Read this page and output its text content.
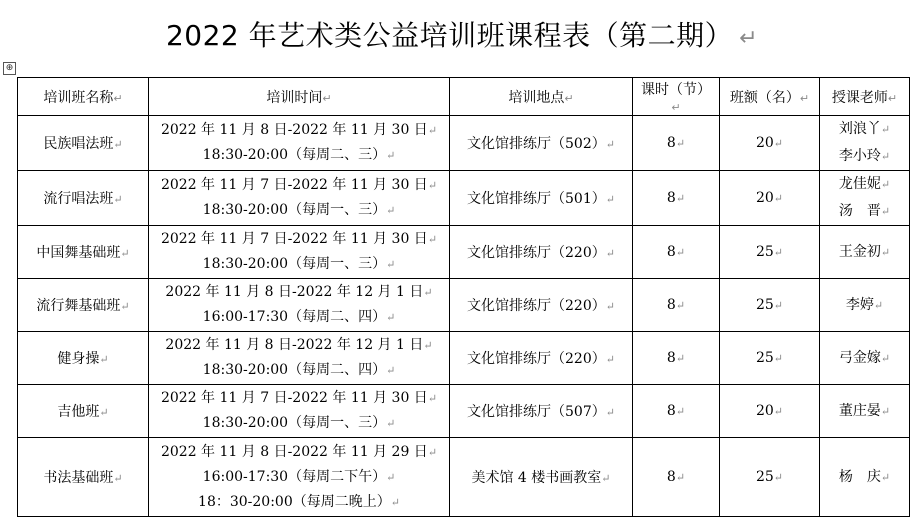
2022 年艺术类公益培训班课程表（第二期） ↵
⊕
培训班名称↵	培训时间↵	培训地点↵	课时（节）↵	班额（名）↵	授课老师↵
民族唱法班↵	2022 年 11 月 8 日-2022 年 11 月 30 日↵
18:30-20:00（每周二、三）↵	文化馆排练厅（502）↵	8↵	20↵	刘浪丫↵
李小玲↵

流行唱法班↵	2022 年 11 月 7 日-2022 年 11 月 30 日↵
18:30-20:00（每周一、三）↵	文化馆排练厅（501）↵	8↵	20↵	龙佳妮↵
汤　晋↵

中国舞基础班↵	2022 年 11 月 7 日-2022 年 11 月 30 日↵
18:30-20:00（每周一、三）↵	文化馆排练厅（220）↵	8↵	25↵	王金初↵

流行舞基础班↵	2022 年 11 月 8 日-2022 年 12 月 1 日↵
16:00-17:30（每周二、四）↵	文化馆排练厅（220）↵	8↵	25↵	李婷↵

健身操↵	2022 年 11 月 8 日-2022 年 12 月 1 日↵
18:30-20:00（每周二、四）↵	文化馆排练厅（220）↵	8↵	25↵	弓金嫁↵

吉他班↵	2022 年 11 月 7 日-2022 年 11 月 30 日↵
18:30-20:00（每周一、三）↵	文化馆排练厅（507）↵	8↵	20↵	董庄晏↵

书法基础班↵	2022 年 11 月 8 日-2022 年 11 月 29 日↵
16:00-17:30（每周二下午）↵
18：30-20:00（每周二晚上）↵	美术馆 4 楼书画教室↵	8↵	25↵	杨　庆↵
